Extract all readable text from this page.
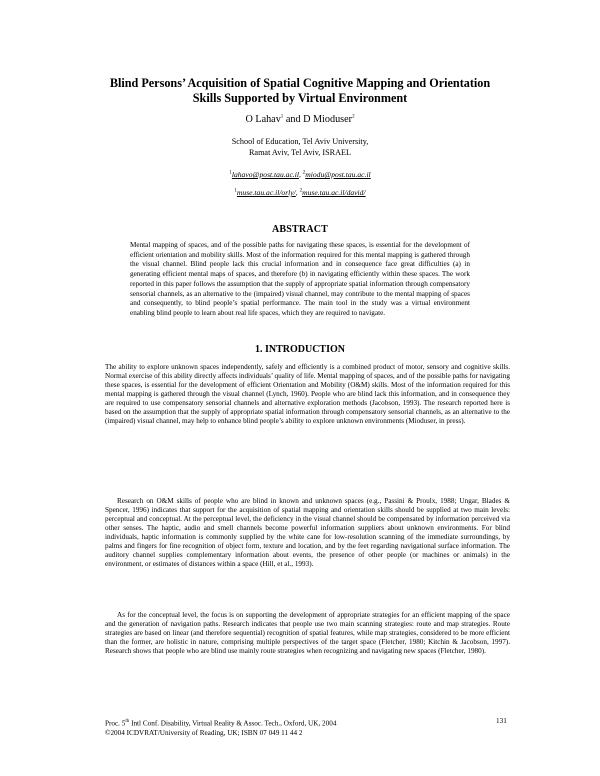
Blind Persons’ Acquisition of Spatial Cognitive Mapping and Orientation
Skills Supported by Virtual Environment
O Lahav$^1$ and D Mioduser$^2$
School of Education, Tel Aviv University,
Ramat Aviv, Tel Aviv, ISRAEL
$^1$lahavo@post.tau.ac.il, $^2$miodu@post.tau.ac.il
$^1$muse.tau.ac.il/orly/, $^2$muse.tau.ac.il/david/
ABSTRACT
Mental mapping of spaces, and of the possible paths for navigating these spaces, is essential for the development of efficient orientation and mobility skills. Most of the information required for this mental mapping is gathered through the visual channel. Blind people lack this crucial information and in consequence face great difficulties (a) in generating efficient mental maps of spaces, and therefore (b) in navigating efficiently within these spaces. The work reported in this paper follows the assumption that the supply of appropriate spatial information through compensatory sensorial channels, as an alternative to the (impaired) visual channel, may contribute to the mental mapping of spaces and consequently, to blind people’s spatial performance. The main tool in the study was a virtual environment enabling blind people to learn about real life spaces, which they are required to navigate.
1. INTRODUCTION
The ability to explore unknown spaces independently, safely and efficiently is a combined product of motor, sensory and cognitive skills. Normal exercise of this ability directly affects individuals’ quality of life. Mental mapping of spaces, and of the possible paths for navigating these spaces, is essential for the development of efficient Orientation and Mobility (O&M) skills. Most of the information required for this mental mapping is gathered through the visual channel (Lynch, 1960). People who are blind lack this information, and in consequence they are required to use compensatory sensorial channels and alternative exploration methods (Jacobson, 1993). The research reported here is based on the assumption that the supply of appropriate spatial information through compensatory sensorial channels, as an alternative to the (impaired) visual channel, may help to enhance blind people’s ability to explore unknown environments (Mioduser, in press).
Research on O&M skills of people who are blind in known and unknown spaces (e.g., Passini & Proulx, 1988; Ungar, Blades & Spencer, 1996) indicates that support for the acquisition of spatial mapping and orientation skills should be supplied at two main levels: perceptual and conceptual. At the perceptual level, the deficiency in the visual channel should be compensated by information perceived via other senses. The haptic, audio and smell channels become powerful information suppliers about unknown environments. For blind individuals, haptic information is commonly supplied by the white cane for low-resolution scanning of the immediate surroundings, by palms and fingers for fine recognition of object form, texture and location, and by the feet regarding navigational surface information. The auditory channel supplies complementary information about events, the presence of other people (or machines or animals) in the environment, or estimates of distances within a space (Hill, et al., 1993).
As for the conceptual level, the focus is on supporting the development of appropriate strategies for an efficient mapping of the space and the generation of navigation paths. Research indicates that people use two main scanning strategies: route and map strategies. Route strategies are based on linear (and therefore sequential) recognition of spatial features, while map strategies, considered to be more efficient than the former, are holistic in nature, comprising multiple perspectives of the target space (Fletcher, 1980; Kitchin & Jacobson, 1997). Research shows that people who are blind use mainly route strategies when recognizing and navigating new spaces (Fletcher, 1980).
Proc. 5th Intl Conf. Disability, Virtual Reality & Assoc. Tech., Oxford, UK, 2004
©2004 ICDVRAT/University of Reading, UK; ISBN 07 049 11 44 2
131
